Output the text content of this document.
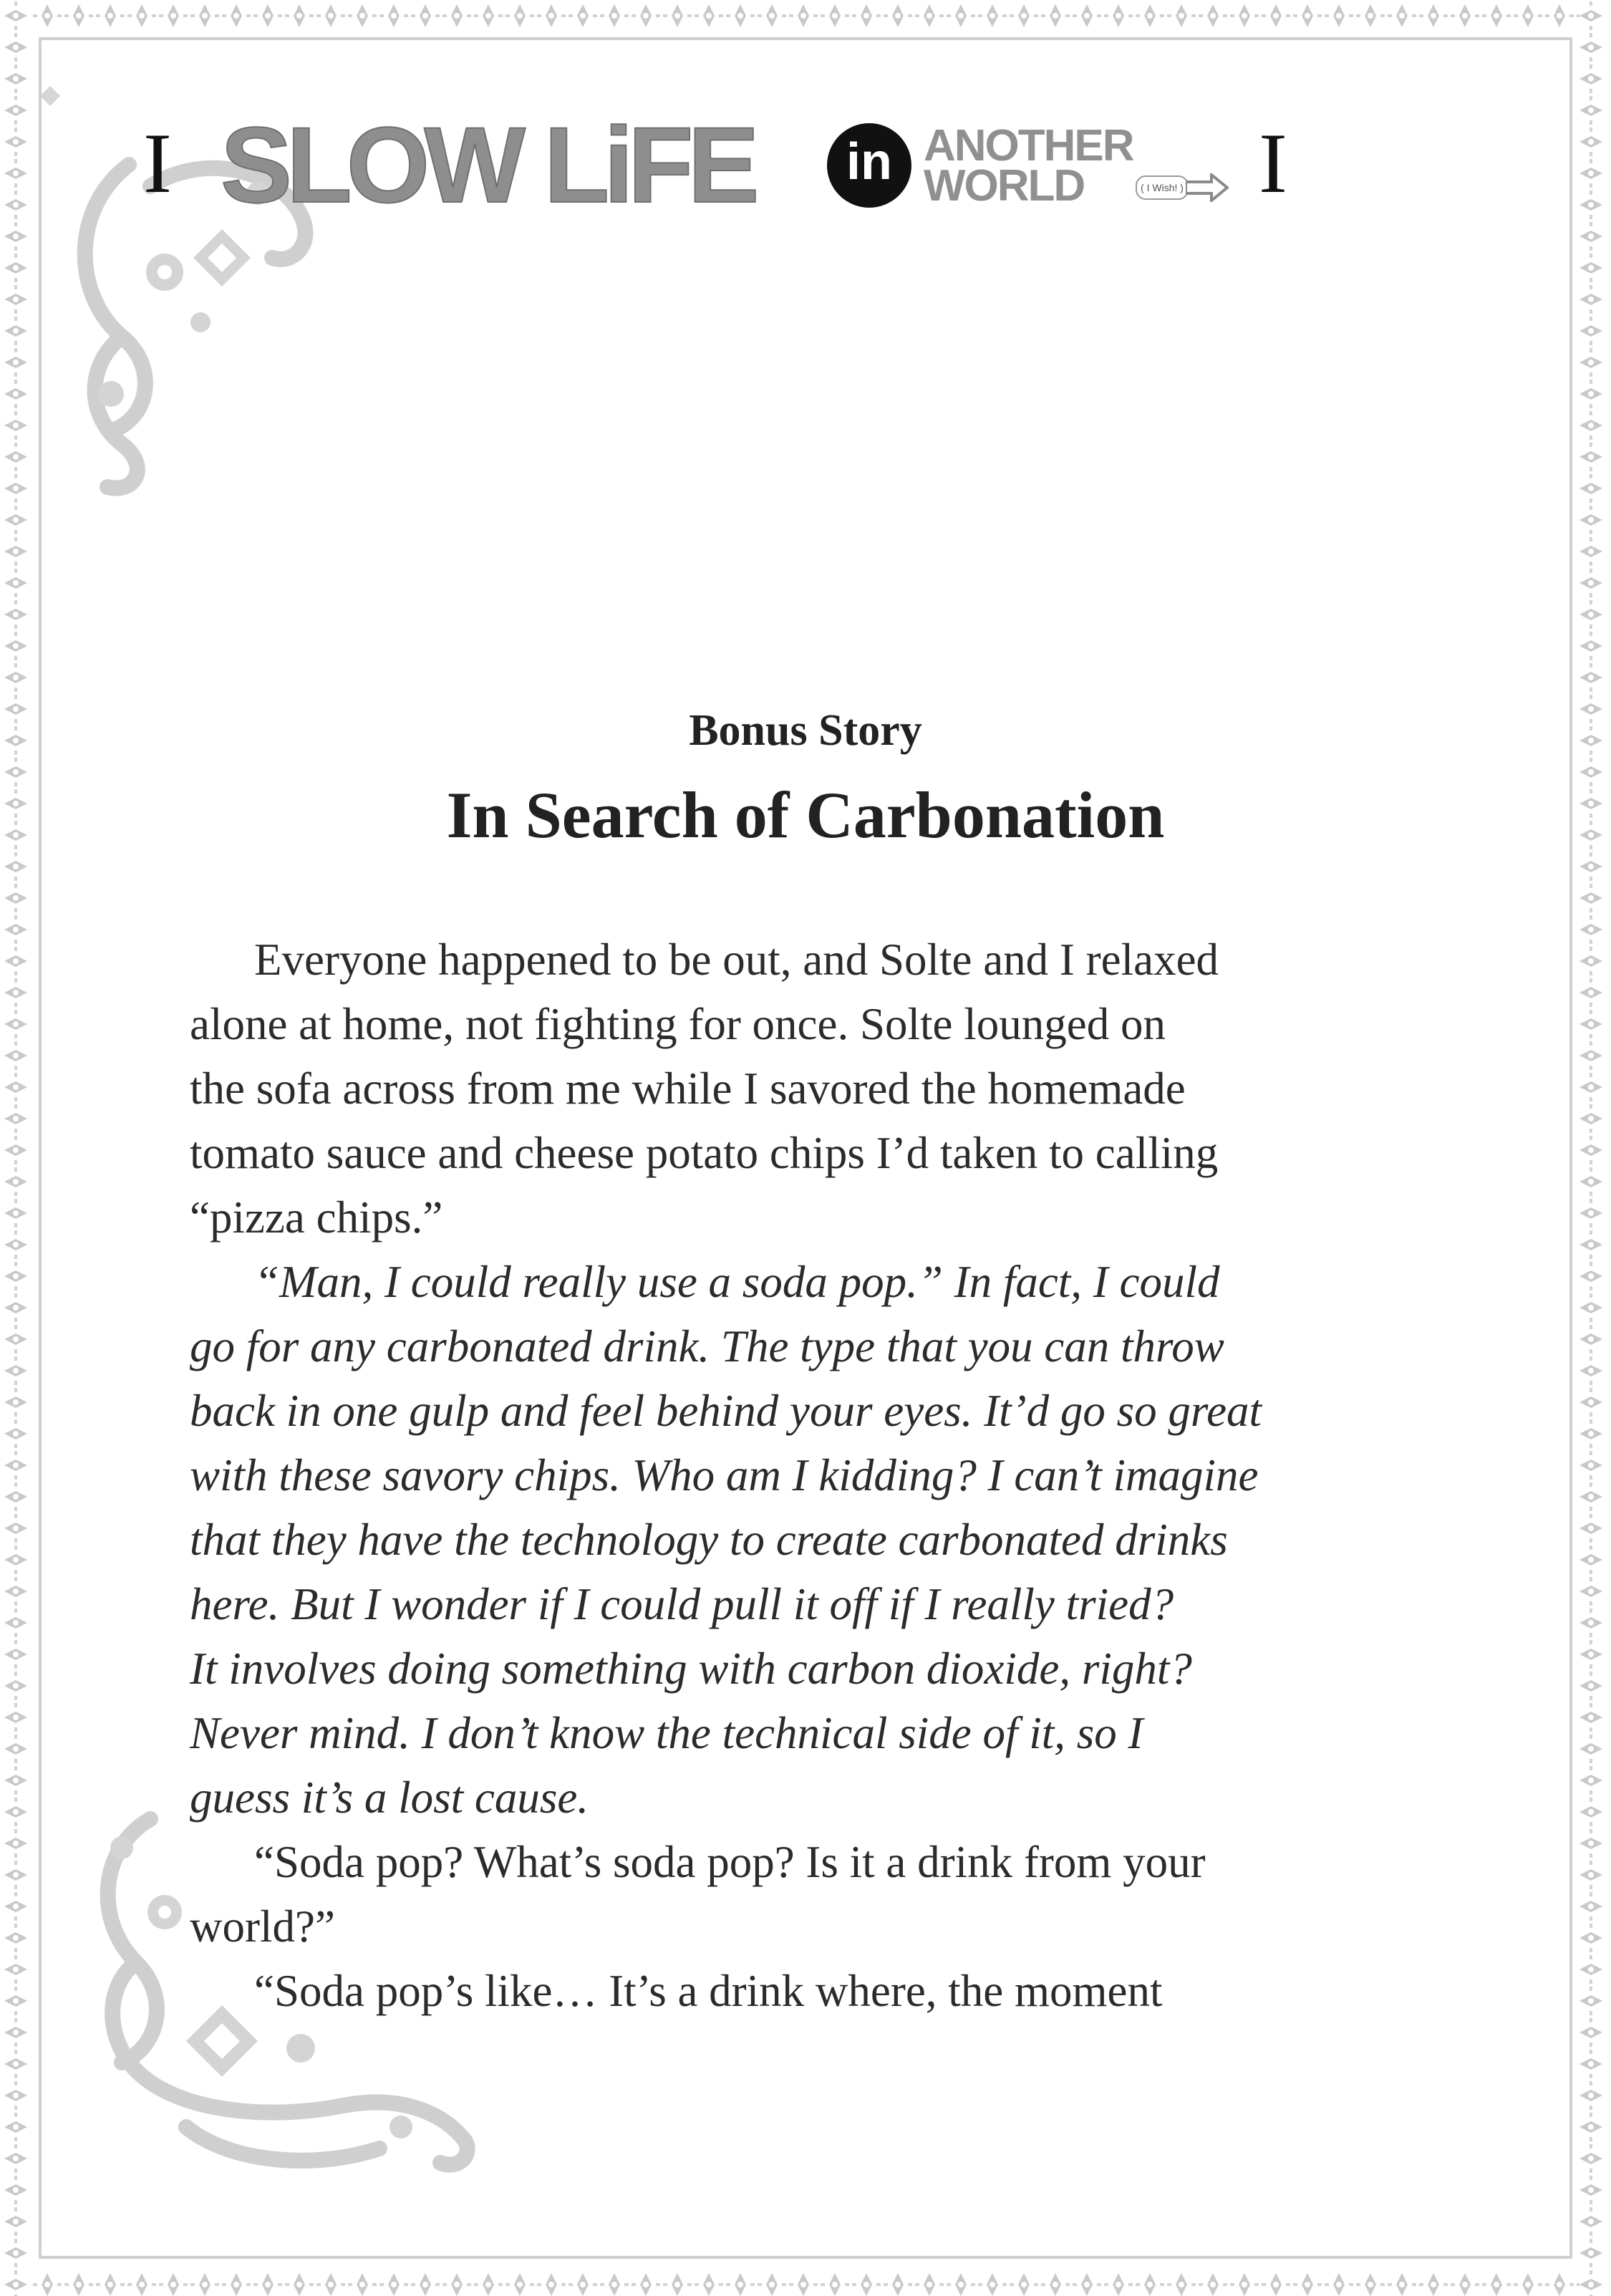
I SLOW LiFE	in ANOTHER
WORLD	( I Wish! ) I
Bonus Story
In Search of Carbonation
Everyone happened to be out, and Solte and I relaxed
alone at home, not fighting for once. Solte lounged on
the sofa across from me while I savored the homemade
tomato sauce and cheese potato chips I’d taken to calling
“pizza chips.”
“Man, I could really use a soda pop.” In fact, I could
go for any carbonated drink. The type that you can throw
back in one gulp and feel behind your eyes. It’d go so great
with these savory chips. Who am I kidding? I can’t imagine
that they have the technology to create carbonated drinks
here. But I wonder if I could pull it off if I really tried?
It involves doing something with carbon dioxide, right?
Never mind. I don’t know the technical side of it, so I
guess it’s a lost cause.
“Soda pop? What’s soda pop? Is it a drink from your
world?”
“Soda pop’s like… It’s a drink where, the moment
